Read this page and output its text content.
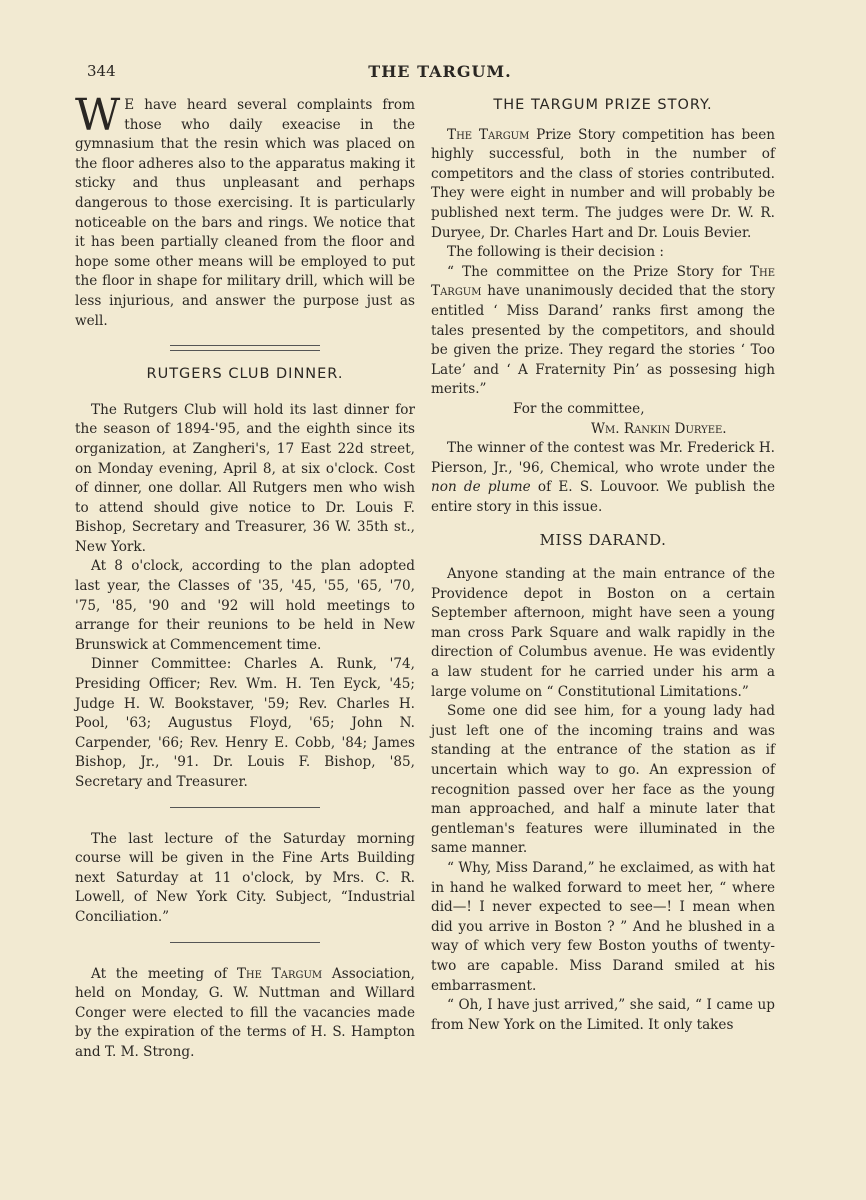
344	THE TARGUM.

W E have heard several complaints from those who daily exeacise in the gymnasium that the resin which was placed on the floor adheres also to the apparatus making it sticky and thus unpleasant and perhaps dangerous to those exercising. It is particularly noticeable on the bars and rings. We notice that it has been partially cleaned from the floor and hope some other means will be employed to put the floor in shape for military drill, which will be less injurious, and answer the purpose just as well.

RUTGERS CLUB DINNER.

The Rutgers Club will hold its last dinner for the season of 1894-'95, and the eighth since its organization, at Zangheri's, 17 East 22d street, on Monday evening, April 8, at six o'clock. Cost of dinner, one dollar. All Rutgers men who wish to attend should give notice to Dr. Louis F. Bishop, Secretary and Treasurer, 36 W. 35th st., New York.

At 8 o'clock, according to the plan adopted last year, the Classes of '35, '45, '55, '65, '70, '75, '85, '90 and '92 will hold meetings to arrange for their reunions to be held in New Brunswick at Commencement time.

Dinner Committee: Charles A. Runk, '74, Presiding Officer; Rev. Wm. H. Ten Eyck, '45; Judge H. W. Bookstaver, '59; Rev. Charles H. Pool, '63; Augustus Floyd, '65; John N. Carpender, '66; Rev. Henry E. Cobb, '84; James Bishop, Jr., '91. Dr. Louis F. Bishop, '85, Secretary and Treasurer.

The last lecture of the Saturday morning course will be given in the Fine Arts Building next Saturday at 11 o'clock, by Mrs. C. R. Lowell, of New York City. Subject, “Industrial Conciliation.”

At the meeting of The Targum Association, held on Monday, G. W. Nuttman and Willard Conger were elected to fill the vacancies made by the expiration of the terms of H. S. Hampton and T. M. Strong.

THE TARGUM PRIZE STORY.

The Targum Prize Story competition has been highly successful, both in the number of competitors and the class of stories contributed. They were eight in number and will probably be published next term. The judges were Dr. W. R. Duryee, Dr. Charles Hart and Dr. Louis Bevier.

The following is their decision :

“ The committee on the Prize Story for The Targum have unanimously decided that the story entitled ‘ Miss Darand’ ranks first among the tales presented by the competitors, and should be given the prize. They regard the stories ‘ Too Late’ and ‘ A Fraternity Pin’ as possesing high merits.”

For the committee,

Wm. Rankin Duryee.

The winner of the contest was Mr. Frederick H. Pierson, Jr., '96, Chemical, who wrote under the non de plume of E. S. Louvoor. We publish the entire story in this issue.

MISS DARAND.

Anyone standing at the main entrance of the Providence depot in Boston on a certain September afternoon, might have seen a young man cross Park Square and walk rapidly in the direction of Columbus avenue. He was evidently a law student for he carried under his arm a large volume on “ Constitutional Limitations.”

Some one did see him, for a young lady had just left one of the incoming trains and was standing at the entrance of the station as if uncertain which way to go. An expression of recognition passed over her face as the young man approached, and half a minute later that gentleman's features were illuminated in the same manner.

“ Why, Miss Darand,” he exclaimed, as with hat in hand he walked forward to meet her, “ where did—! I never expected to see—! I mean when did you arrive in Boston ? ” And he blushed in a way of which very few Boston youths of twenty-two are capable. Miss Darand smiled at his embarrasment.

“ Oh, I have just arrived,” she said, “ I came up from New York on the Limited. It only takes
